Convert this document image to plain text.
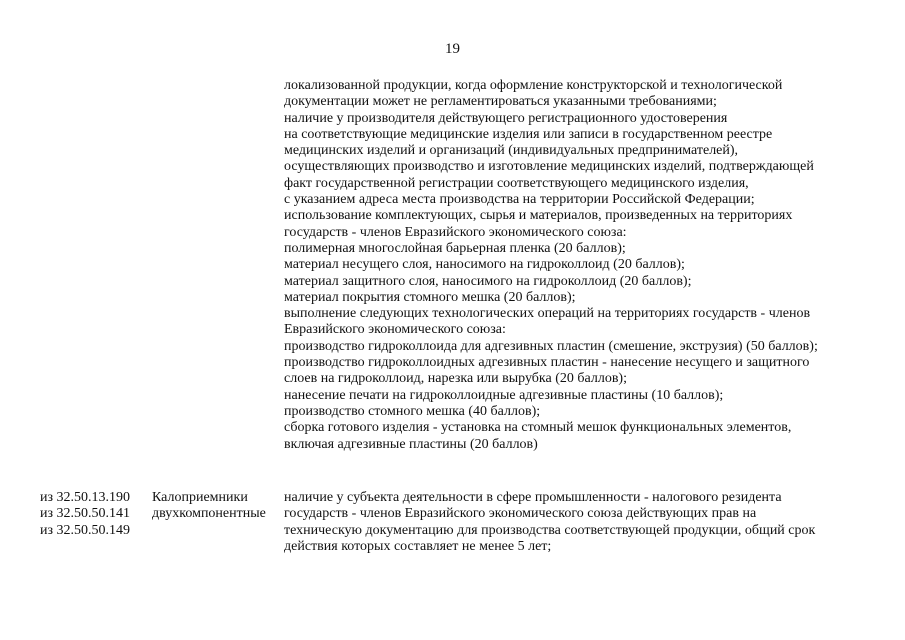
19
локализованной продукции, когда оформление конструкторской и технологической
документации может не регламентироваться указанными требованиями;
наличие у производителя действующего регистрационного удостоверения
на соответствующие медицинские изделия или записи в государственном реестре
медицинских изделий и организаций (индивидуальных предпринимателей),
осуществляющих производство и изготовление медицинских изделий, подтверждающей
факт государственной регистрации соответствующего медицинского изделия,
с указанием адреса места производства на территории Российской Федерации;
использование комплектующих, сырья и материалов, произведенных на территориях
государств - членов Евразийского экономического союза:
полимерная многослойная барьерная пленка (20 баллов);
материал несущего слоя, наносимого на гидроколлоид (20 баллов);
материал защитного слоя, наносимого на гидроколлоид (20 баллов);
материал покрытия стомного мешка (20 баллов);
выполнение следующих технологических операций на территориях государств - членов
Евразийского экономического союза:
производство гидроколлоида для адгезивных пластин (смешение, экструзия) (50 баллов);
производство гидроколлоидных адгезивных пластин - нанесение несущего и защитного
слоев на гидроколлоид, нарезка или вырубка (20 баллов);
нанесение печати на гидроколлоидные адгезивные пластины (10 баллов);
производство стомного мешка (40 баллов);
сборка готового изделия - установка на стомный мешок функциональных элементов,
включая адгезивные пластины (20 баллов)
из 32.50.13.190
из 32.50.50.141
из 32.50.50.149
Калоприемники
двухкомпонентные
наличие у субъекта деятельности в сфере промышленности - налогового резидента
государств - членов Евразийского экономического союза действующих прав на
техническую документацию для производства соответствующей продукции, общий срок
действия которых составляет не менее 5 лет;
